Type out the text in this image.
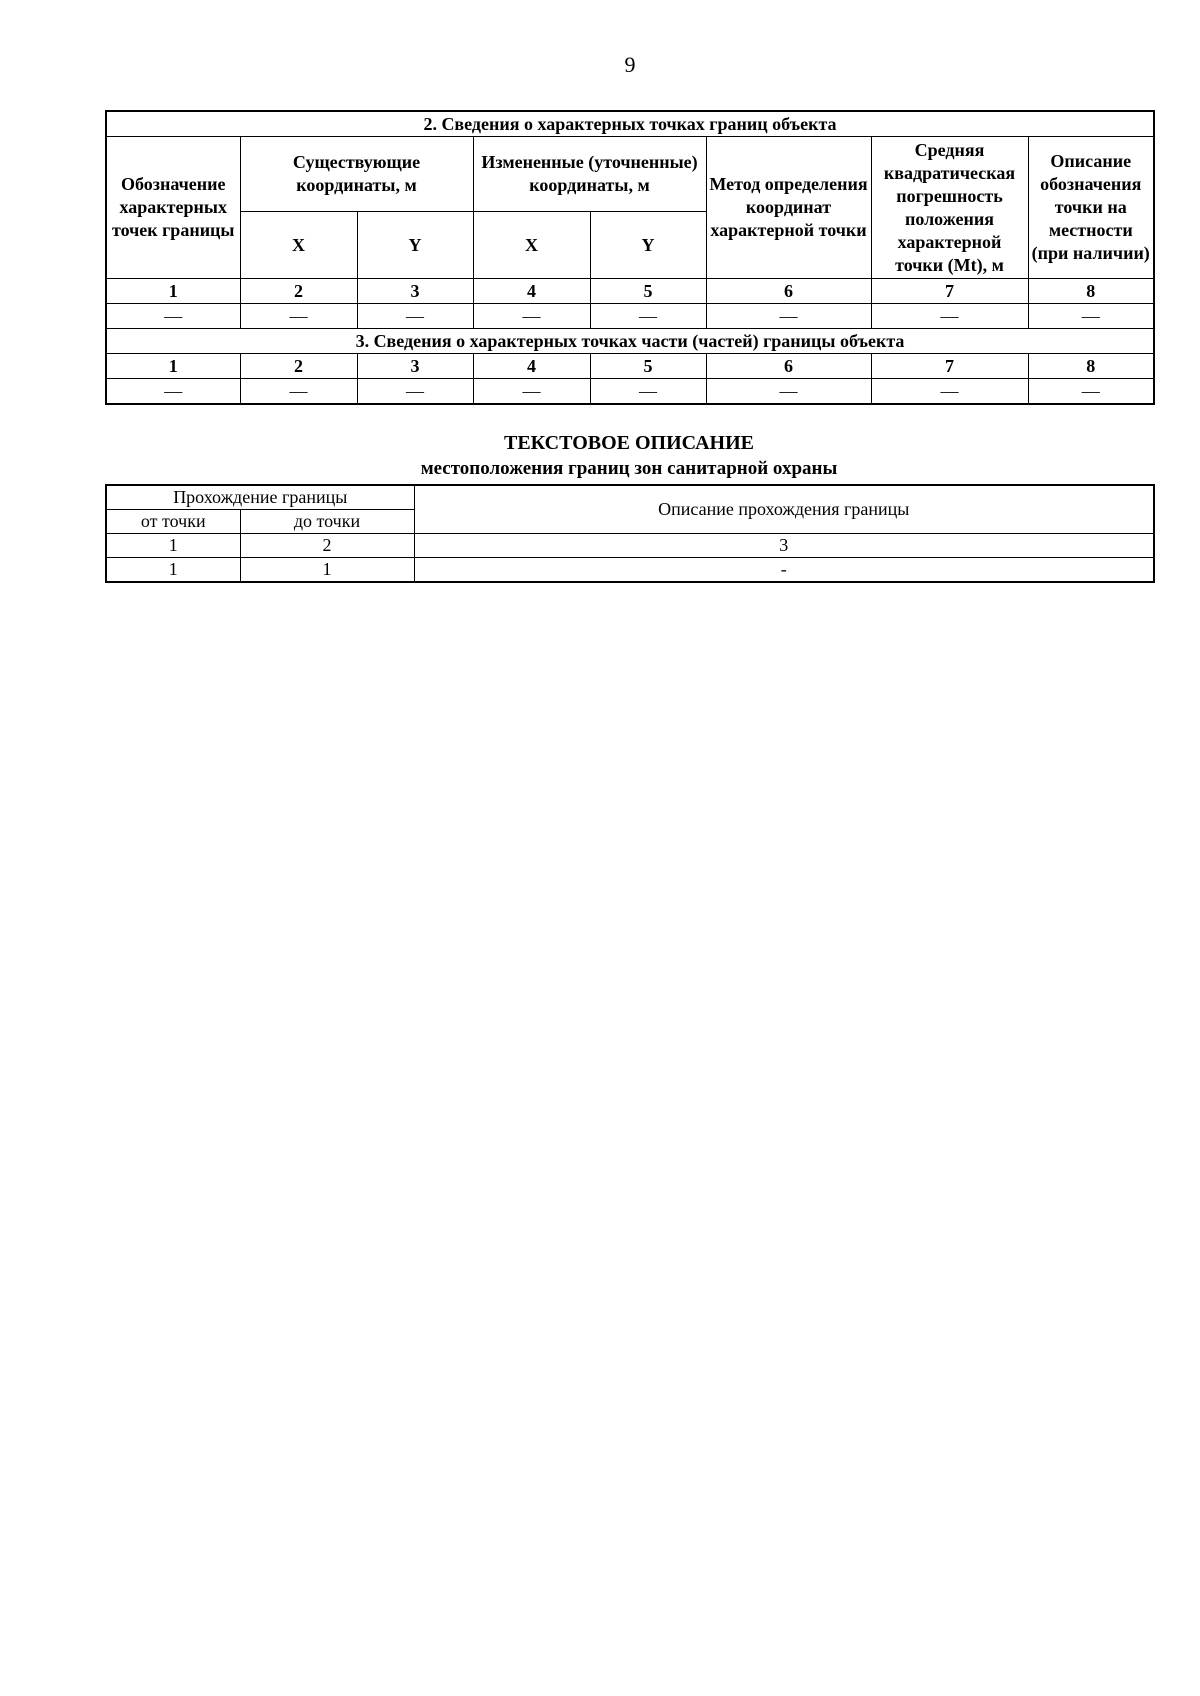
9
2. Сведения о характерных точках границ объекта							
Обозначение характерных точек границы	Существующие координаты, м		Измененные (уточненные) координаты, м		Метод определения координат характерной точки	Средняя квадратическая погрешность положения характерной точки (Mt), м	Описание обозначения точки на местности (при наличии)
	X	Y	X	Y			
1	2	3	4	5	6	7	8
—	—	—	—	—	—	—	—
3. Сведения о характерных точках части (частей) границы объекта							
1	2	3	4	5	6	7	8
—	—	—	—	—	—	—	—
ТЕКСТОВОЕ ОПИСАНИЕ
местоположения границ зон санитарной охраны
Прохождение границы		Описание прохождения границы
от точки	до точки	
1	2	3
1	1	-
